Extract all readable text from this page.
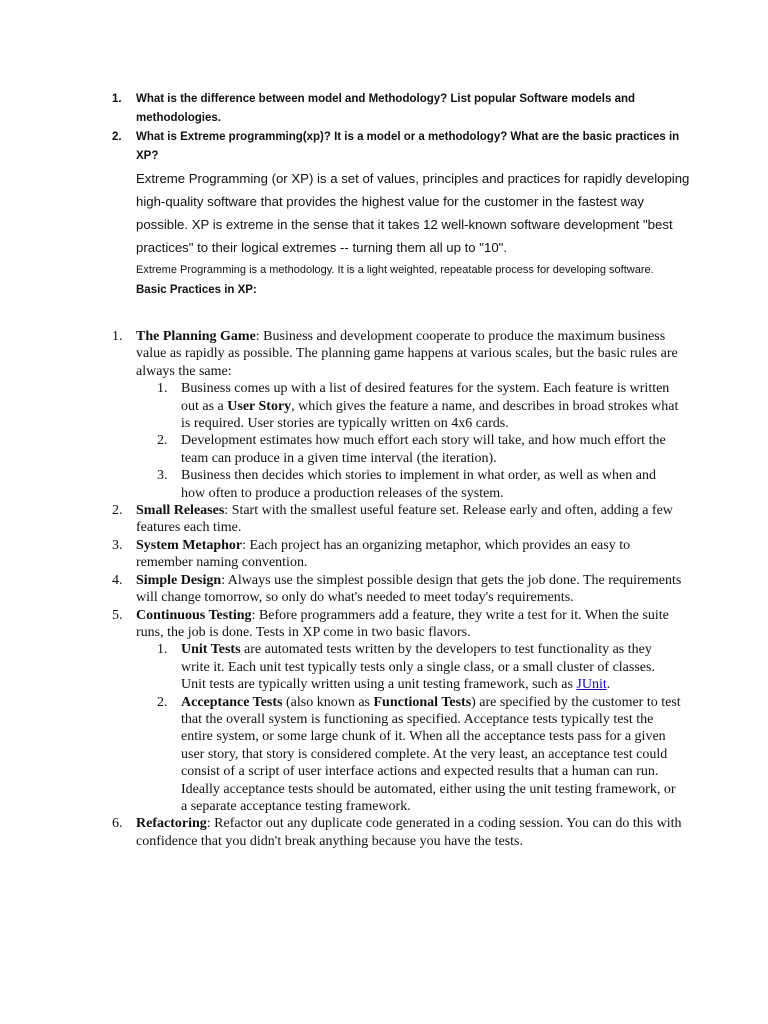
1. What is the difference between model and Methodology? List popular Software models and methodologies.
2. What is Extreme programming(xp)? It is a model or a methodology? What are the basic practices in XP?
Extreme Programming (or XP) is a set of values, principles and practices for rapidly developing high-quality software that provides the highest value for the customer in the fastest way possible. XP is extreme in the sense that it takes 12 well-known software development "best practices" to their logical extremes -- turning them all up to "10".
Extreme Programming is a methodology. It is a light weighted, repeatable process for developing software.
Basic Practices in XP:
1. The Planning Game: Business and development cooperate to produce the maximum business value as rapidly as possible. The planning game happens at various scales, but the basic rules are always the same:
1. Business comes up with a list of desired features for the system. Each feature is written out as a User Story, which gives the feature a name, and describes in broad strokes what is required. User stories are typically written on 4x6 cards.
2. Development estimates how much effort each story will take, and how much effort the team can produce in a given time interval (the iteration).
3. Business then decides which stories to implement in what order, as well as when and how often to produce a production releases of the system.
2. Small Releases: Start with the smallest useful feature set. Release early and often, adding a few features each time.
3. System Metaphor: Each project has an organizing metaphor, which provides an easy to remember naming convention.
4. Simple Design: Always use the simplest possible design that gets the job done. The requirements will change tomorrow, so only do what's needed to meet today's requirements.
5. Continuous Testing: Before programmers add a feature, they write a test for it. When the suite runs, the job is done. Tests in XP come in two basic flavors.
1. Unit Tests are automated tests written by the developers to test functionality as they write it. Each unit test typically tests only a single class, or a small cluster of classes. Unit tests are typically written using a unit testing framework, such as JUnit.
2. Acceptance Tests (also known as Functional Tests) are specified by the customer to test that the overall system is functioning as specified. Acceptance tests typically test the entire system, or some large chunk of it. When all the acceptance tests pass for a given user story, that story is considered complete. At the very least, an acceptance test could consist of a script of user interface actions and expected results that a human can run. Ideally acceptance tests should be automated, either using the unit testing framework, or a separate acceptance testing framework.
6. Refactoring: Refactor out any duplicate code generated in a coding session. You can do this with confidence that you didn't break anything because you have the tests.
